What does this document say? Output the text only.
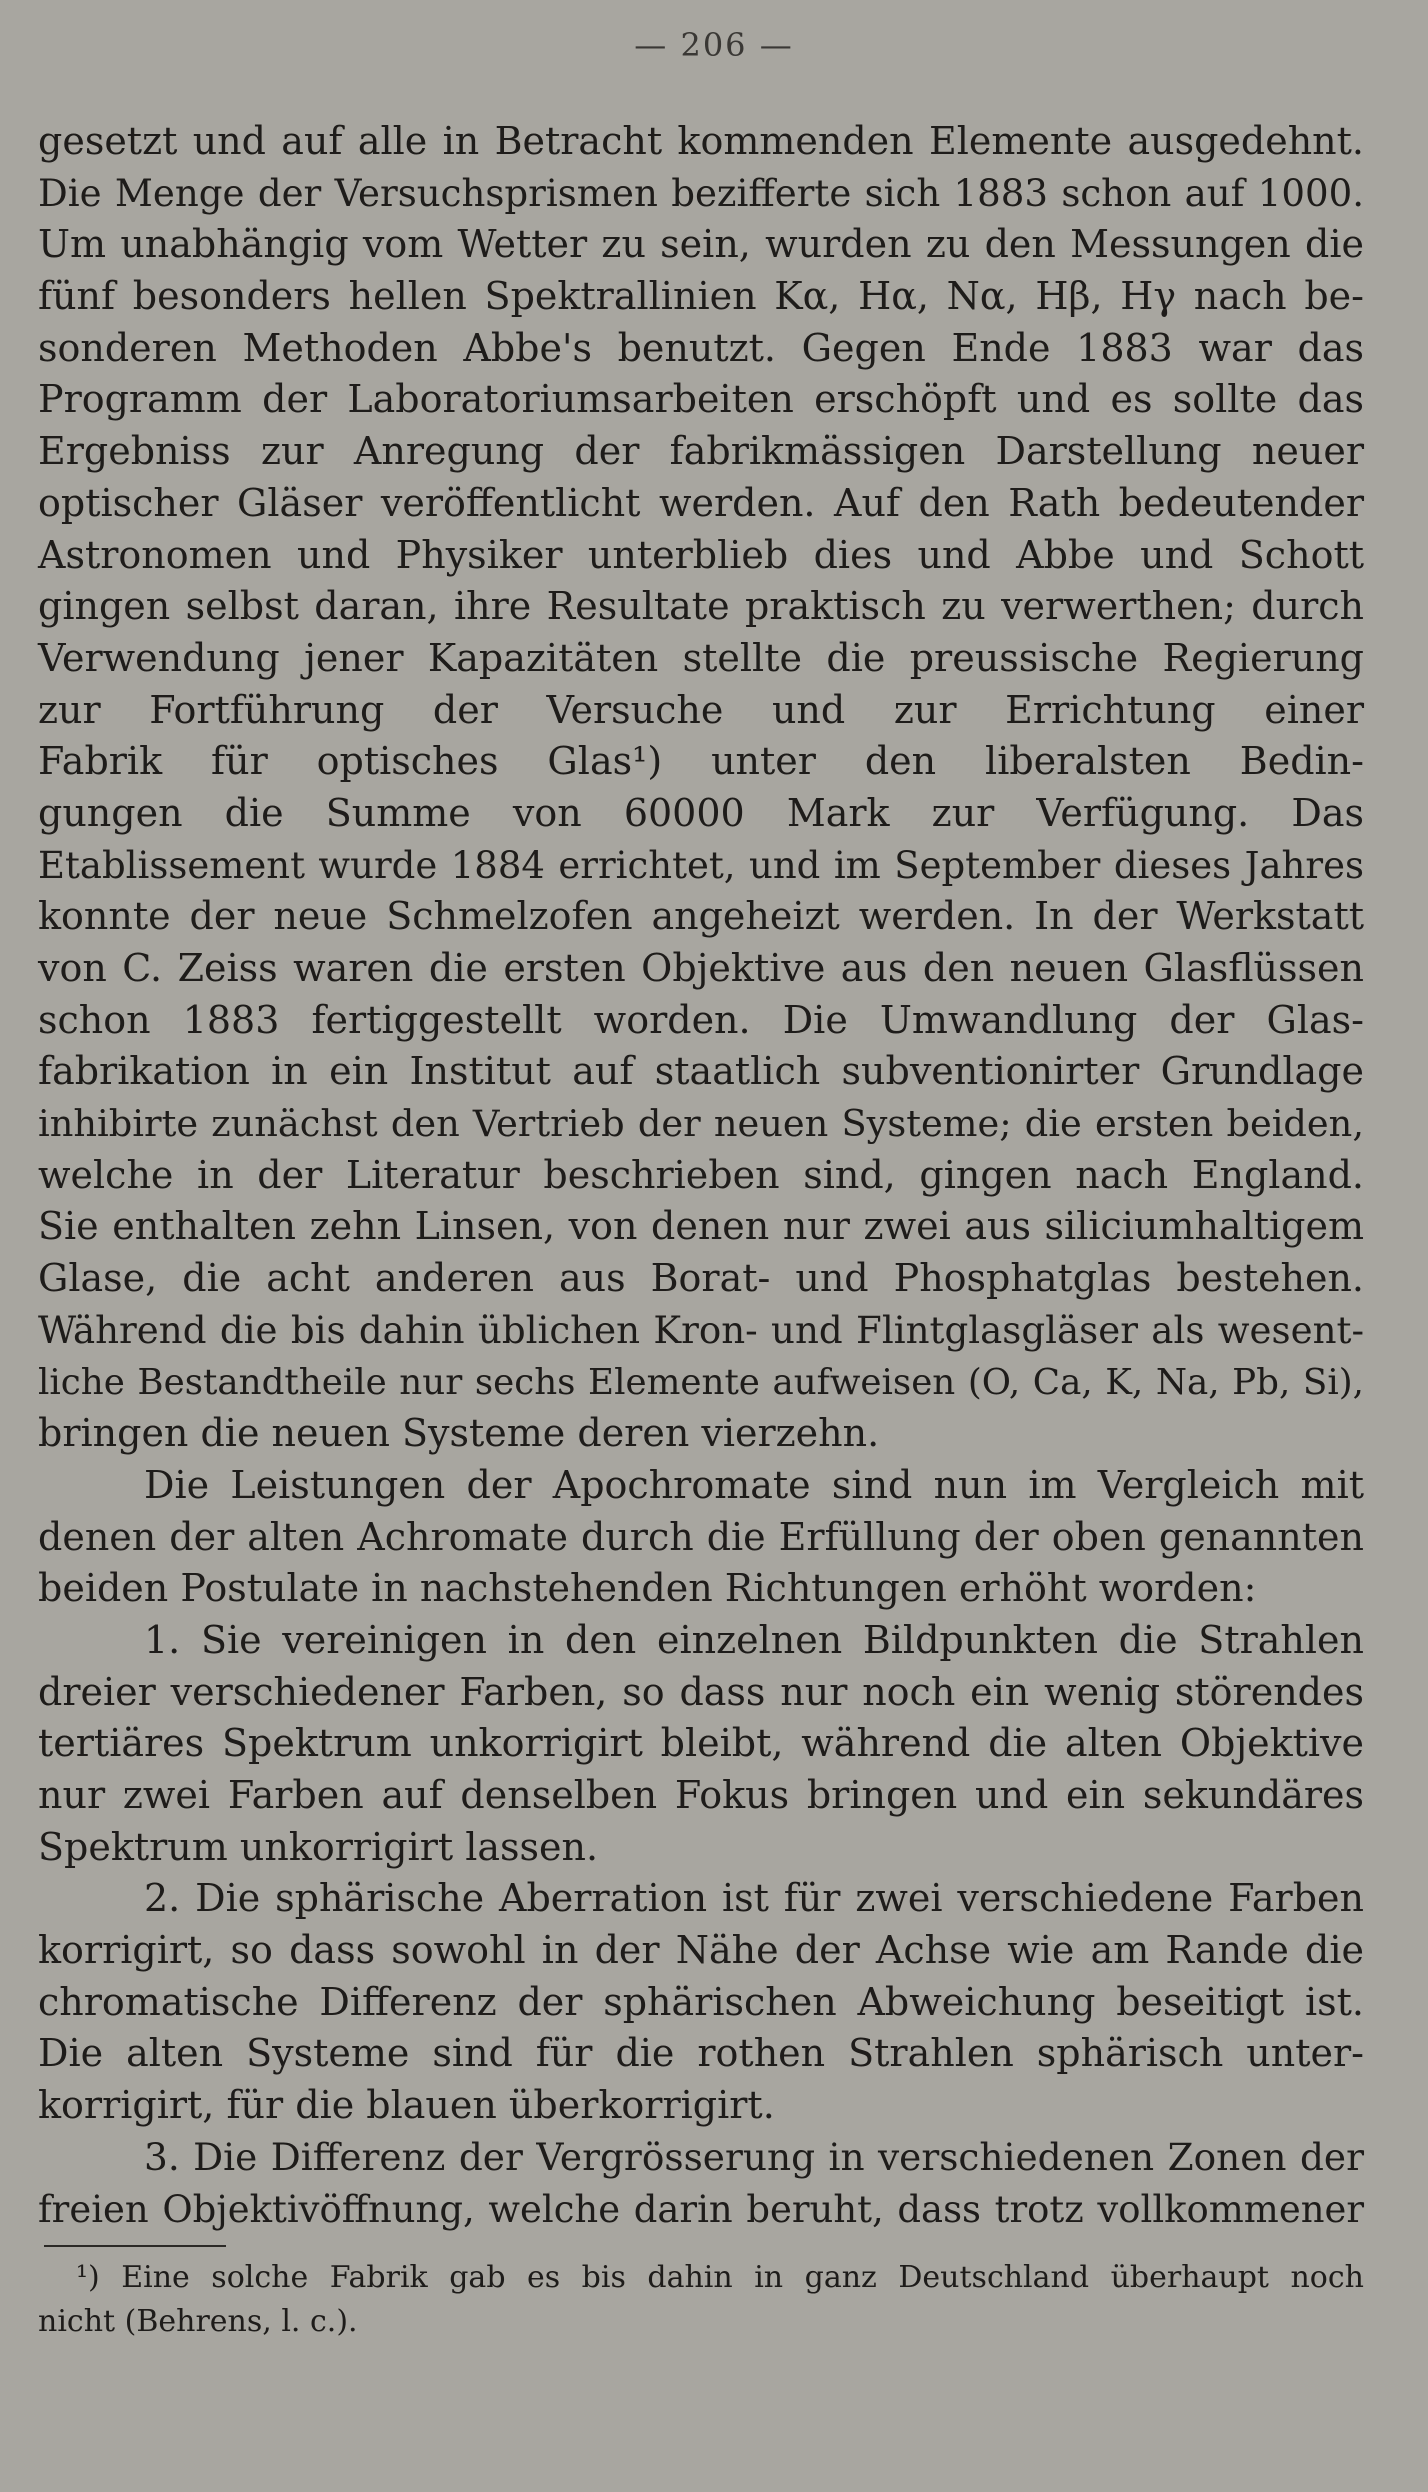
— 206 —
gesetzt und auf alle in Betracht kommenden Elemente ausgedehnt.
Die Menge der Versuchsprismen bezifferte sich 1883 schon auf 1000.
Um unabhängig vom Wetter zu sein, wurden zu den Messungen die
fünf besonders hellen Spektrallinien Kα, Hα, Nα, Hβ, Hγ nach be-
sonderen Methoden Abbe's benutzt. Gegen Ende 1883 war das
Programm der Laboratoriumsarbeiten erschöpft und es sollte das
Ergebniss zur Anregung der fabrikmässigen Darstellung neuer
optischer Gläser veröffentlicht werden. Auf den Rath bedeutender
Astronomen und Physiker unterblieb dies und Abbe und Schott
gingen selbst daran, ihre Resultate praktisch zu verwerthen; durch
Verwendung jener Kapazitäten stellte die preussische Regierung
zur Fortführung der Versuche und zur Errichtung einer
Fabrik für optisches Glas¹) unter den liberalsten Bedin-
gungen die Summe von 60000 Mark zur Verfügung. Das
Etablissement wurde 1884 errichtet, und im September dieses Jahres
konnte der neue Schmelzofen angeheizt werden. In der Werkstatt
von C. Zeiss waren die ersten Objektive aus den neuen Glasflüssen
schon 1883 fertiggestellt worden. Die Umwandlung der Glas-
fabrikation in ein Institut auf staatlich subventionirter Grundlage
inhibirte zunächst den Vertrieb der neuen Systeme; die ersten beiden,
welche in der Literatur beschrieben sind, gingen nach England.
Sie enthalten zehn Linsen, von denen nur zwei aus siliciumhaltigem
Glase, die acht anderen aus Borat- und Phosphatglas bestehen.
Während die bis dahin üblichen Kron- und Flintglasgläser als wesent-
liche Bestandtheile nur sechs Elemente aufweisen (O, Ca, K, Na, Pb, Si),
bringen die neuen Systeme deren vierzehn.
Die Leistungen der Apochromate sind nun im Vergleich mit
denen der alten Achromate durch die Erfüllung der oben genannten
beiden Postulate in nachstehenden Richtungen erhöht worden:
1. Sie vereinigen in den einzelnen Bildpunkten die Strahlen
dreier verschiedener Farben, so dass nur noch ein wenig störendes
tertiäres Spektrum unkorrigirt bleibt, während die alten Objektive
nur zwei Farben auf denselben Fokus bringen und ein sekundäres
Spektrum unkorrigirt lassen.
2. Die sphärische Aberration ist für zwei verschiedene Farben
korrigirt, so dass sowohl in der Nähe der Achse wie am Rande die
chromatische Differenz der sphärischen Abweichung beseitigt ist.
Die alten Systeme sind für die rothen Strahlen sphärisch unter-
korrigirt, für die blauen überkorrigirt.
3. Die Differenz der Vergrösserung in verschiedenen Zonen der
freien Objektivöffnung, welche darin beruht, dass trotz vollkommener
¹) Eine solche Fabrik gab es bis dahin in ganz Deutschland überhaupt noch
nicht (Behrens, l. c.).
